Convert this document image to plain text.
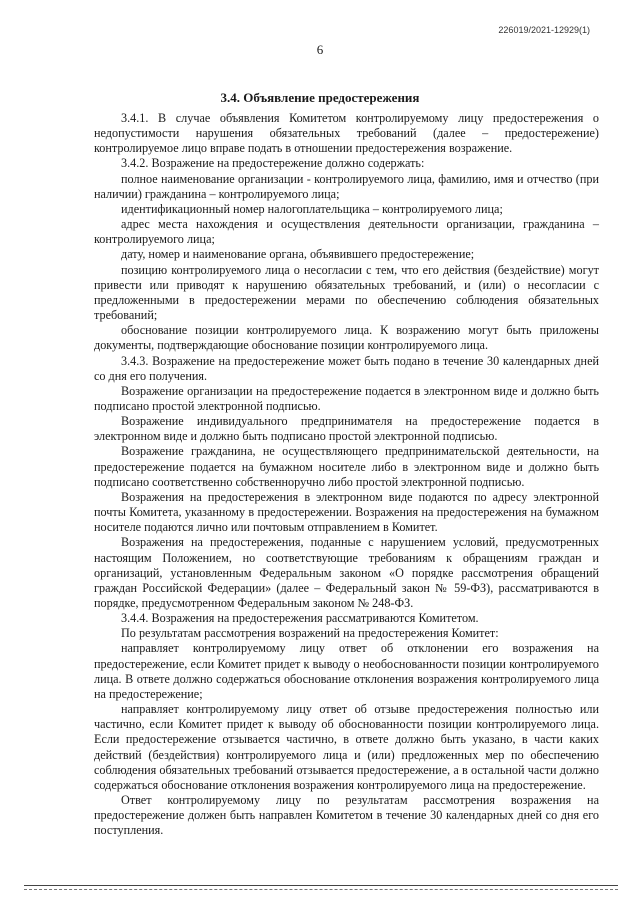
226019/2021-12929(1)
6
3.4. Объявление предостережения

3.4.1. В случае объявления Комитетом контролируемому лицу предостережения о недопустимости нарушения обязательных требований (далее – предостережение) контролируемое лицо вправе подать в отношении предостережения возражение.

3.4.2. Возражение на предостережение должно содержать:

полное наименование организации - контролируемого лица, фамилию, имя и отчество (при наличии) гражданина – контролируемого лица;

идентификационный номер налогоплательщика – контролируемого лица;

адрес места нахождения и осуществления деятельности организации, гражданина – контролируемого лица;

дату, номер и наименование органа, объявившего предостережение;

позицию контролируемого лица о несогласии с тем, что его действия (бездействие) могут привести или приводят к нарушению обязательных требований, и (или) о несогласии с предложенными в предостережении мерами по обеспечению соблюдения обязательных требований;

обоснование позиции контролируемого лица. К возражению могут быть приложены документы, подтверждающие обоснование позиции контролируемого лица.

3.4.3. Возражение на предостережение может быть подано в течение 30 календарных дней со дня его получения.

Возражение организации на предостережение подается в электронном виде и должно быть подписано простой электронной подписью.

Возражение индивидуального предпринимателя на предостережение подается в электронном виде и должно быть подписано простой электронной подписью.

Возражение гражданина, не осуществляющего предпринимательской деятельности, на предостережение подается на бумажном носителе либо в электронном виде и должно быть подписано соответственно собственноручно либо простой электронной подписью.

Возражения на предостережения в электронном виде подаются по адресу электронной почты Комитета, указанному в предостережении. Возражения на предостережения на бумажном носителе подаются лично или почтовым отправлением в Комитет.

Возражения на предостережения, поданные с нарушением условий, предусмотренных настоящим Положением, но соответствующие требованиям к обращениям граждан и организаций, установленным Федеральным законом «О порядке рассмотрения обращений граждан Российской Федерации» (далее – Федеральный закон № 59-ФЗ), рассматриваются в порядке, предусмотренном Федеральным законом № 248-ФЗ.

3.4.4. Возражения на предостережения рассматриваются Комитетом.

По результатам рассмотрения возражений на предостережения Комитет:

направляет контролируемому лицу ответ об отклонении его возражения на предостережение, если Комитет придет к выводу о необоснованности позиции контролируемого лица. В ответе должно содержаться обоснование отклонения возражения контролируемого лица на предостережение;

направляет контролируемому лицу ответ об отзыве предостережения полностью или частично, если Комитет придет к выводу об обоснованности позиции контролируемого лица. Если предостережение отзывается частично, в ответе должно быть указано, в части каких действий (бездействия) контролируемого лица и (или) предложенных мер по обеспечению соблюдения обязательных требований отзывается предостережение, а в остальной части должно содержаться обоснование отклонения возражения контролируемого лица на предостережение.

Ответ контролируемому лицу по результатам рассмотрения возражения на предостережение должен быть направлен Комитетом в течение 30 календарных дней со дня его поступления.
